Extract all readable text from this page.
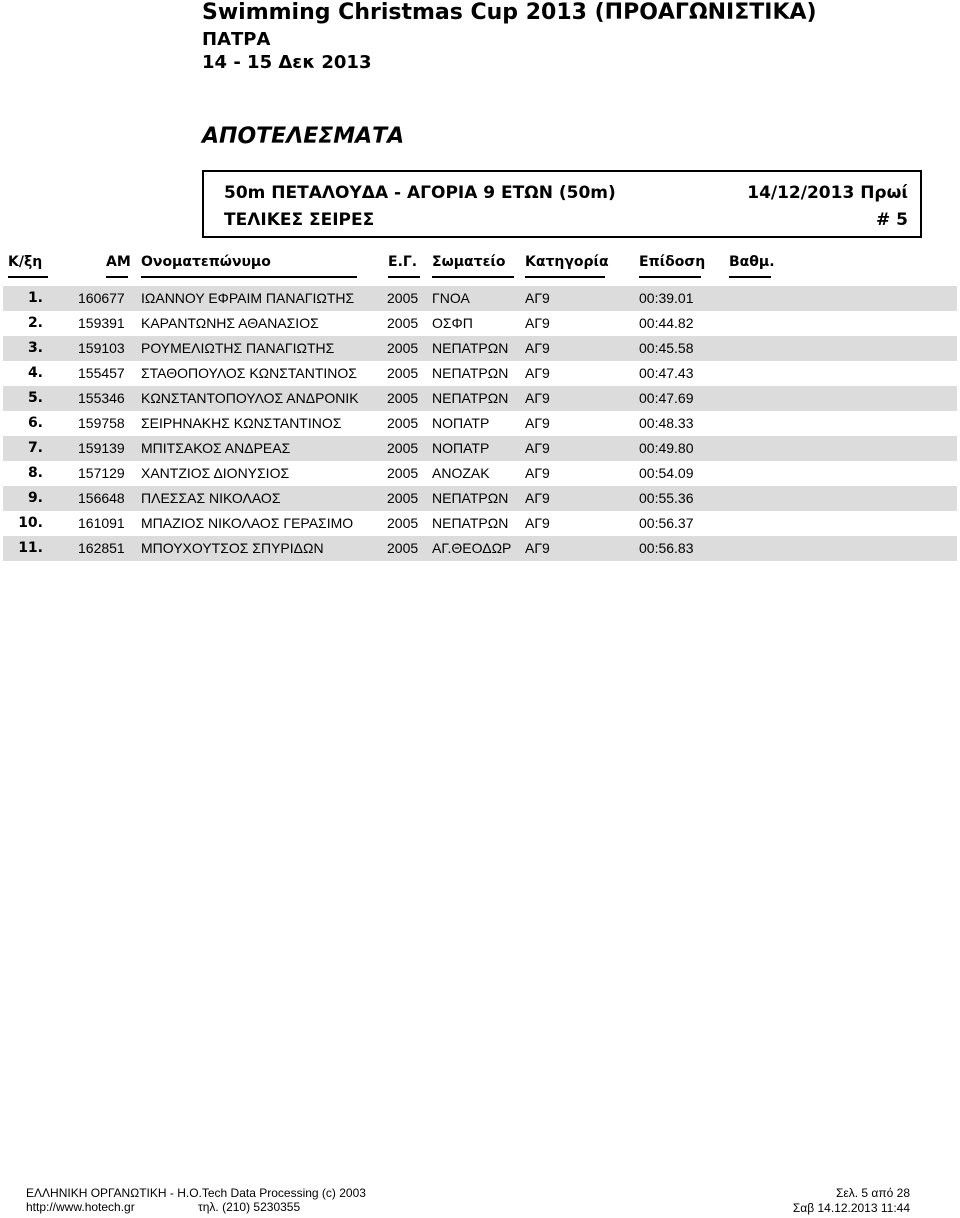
Swimming Christmas Cup 2013 (ΠΡΟΑΓΩΝΙΣΤΙΚΑ)
ΠΑΤΡΑ
14 - 15 Δεκ 2013
ΑΠΟΤΕΛΕΣΜΑΤΑ
50m ΠΕΤΑΛΟΥΔΑ - ΑΓΟΡΙΑ 9 ΕΤΩΝ (50m)
ΤΕΛΙΚΕΣ ΣΕΙΡΕΣ
14/12/2013 Πρωί
# 5
Κ/ξη	ΑΜ Ονοματεπώνυμο	Ε.Γ. Σωματείο	Κατηγορία Επίδοση Βαθμ.
1.	160677 ΙΩΑΝΝΟΥ ΕΦΡΑΙΜ ΠΑΝΑΓΙΩΤΗΣ 2005 ΓΝΟΑ	ΑΓ9	00:39.01
2.	159391 ΚΑΡΑΝΤΩΝΗΣ ΑΘΑΝΑΣΙΟΣ	2005 ΟΣΦΠ	ΑΓ9	00:44.82
3.	159103 ΡΟΥΜΕΛΙΩΤΗΣ ΠΑΝΑΓΙΩΤΗΣ	2005 ΝΕΠΑΤΡΩΝ ΑΓ9	00:45.58
4.	155457 ΣΤΑΘΟΠΟΥΛΟΣ ΚΩΝΣΤΑΝΤΙΝΟΣ 2005 ΝΕΠΑΤΡΩΝ ΑΓ9	00:47.43
5.	155346 ΚΩΝΣΤΑΝΤΟΠΟΥΛΟΣ ΑΝΔΡΟΝΙΚ 2005 ΝΕΠΑΤΡΩΝ ΑΓ9	00:47.69
6.	159758 ΣΕΙΡΗΝΑΚΗΣ ΚΩΝΣΤΑΝΤΙΝΟΣ	2005 ΝΟΠΑΤΡ	ΑΓ9	00:48.33
7.	159139 ΜΠΙΤΣΑΚΟΣ ΑΝΔΡΕΑΣ	2005 ΝΟΠΑΤΡ	ΑΓ9	00:49.80
8.	157129 ΧΑΝΤΖΙΟΣ ΔΙΟΝΥΣΙΟΣ	2005 ΑΝΟΖΑΚ	ΑΓ9	00:54.09
9.	156648 ΠΛΕΣΣΑΣ ΝΙΚΟΛΑΟΣ	2005 ΝΕΠΑΤΡΩΝ ΑΓ9	00:55.36
10.	161091 ΜΠΑΖΙΟΣ ΝΙΚΟΛΑΟΣ ΓΕΡΑΣΙΜΟ 2005 ΝΕΠΑΤΡΩΝ ΑΓ9	00:56.37
11.	162851 ΜΠΟΥΧΟΥΤΣΟΣ ΣΠΥΡΙΔΩΝ	2005 ΑΓ.ΘΕΟΔΩΡ ΑΓ9	00:56.83
ΕΛΛΗΝΙΚΗ ΟΡΓΑΝΩΤΙΚΗ - Η.Ο.Tech Data Processing (c) 2003
http://www.hotech.gr	τηλ. (210) 5230355
Σελ. 5 από 28
Σαβ 14.12.2013 11:44
